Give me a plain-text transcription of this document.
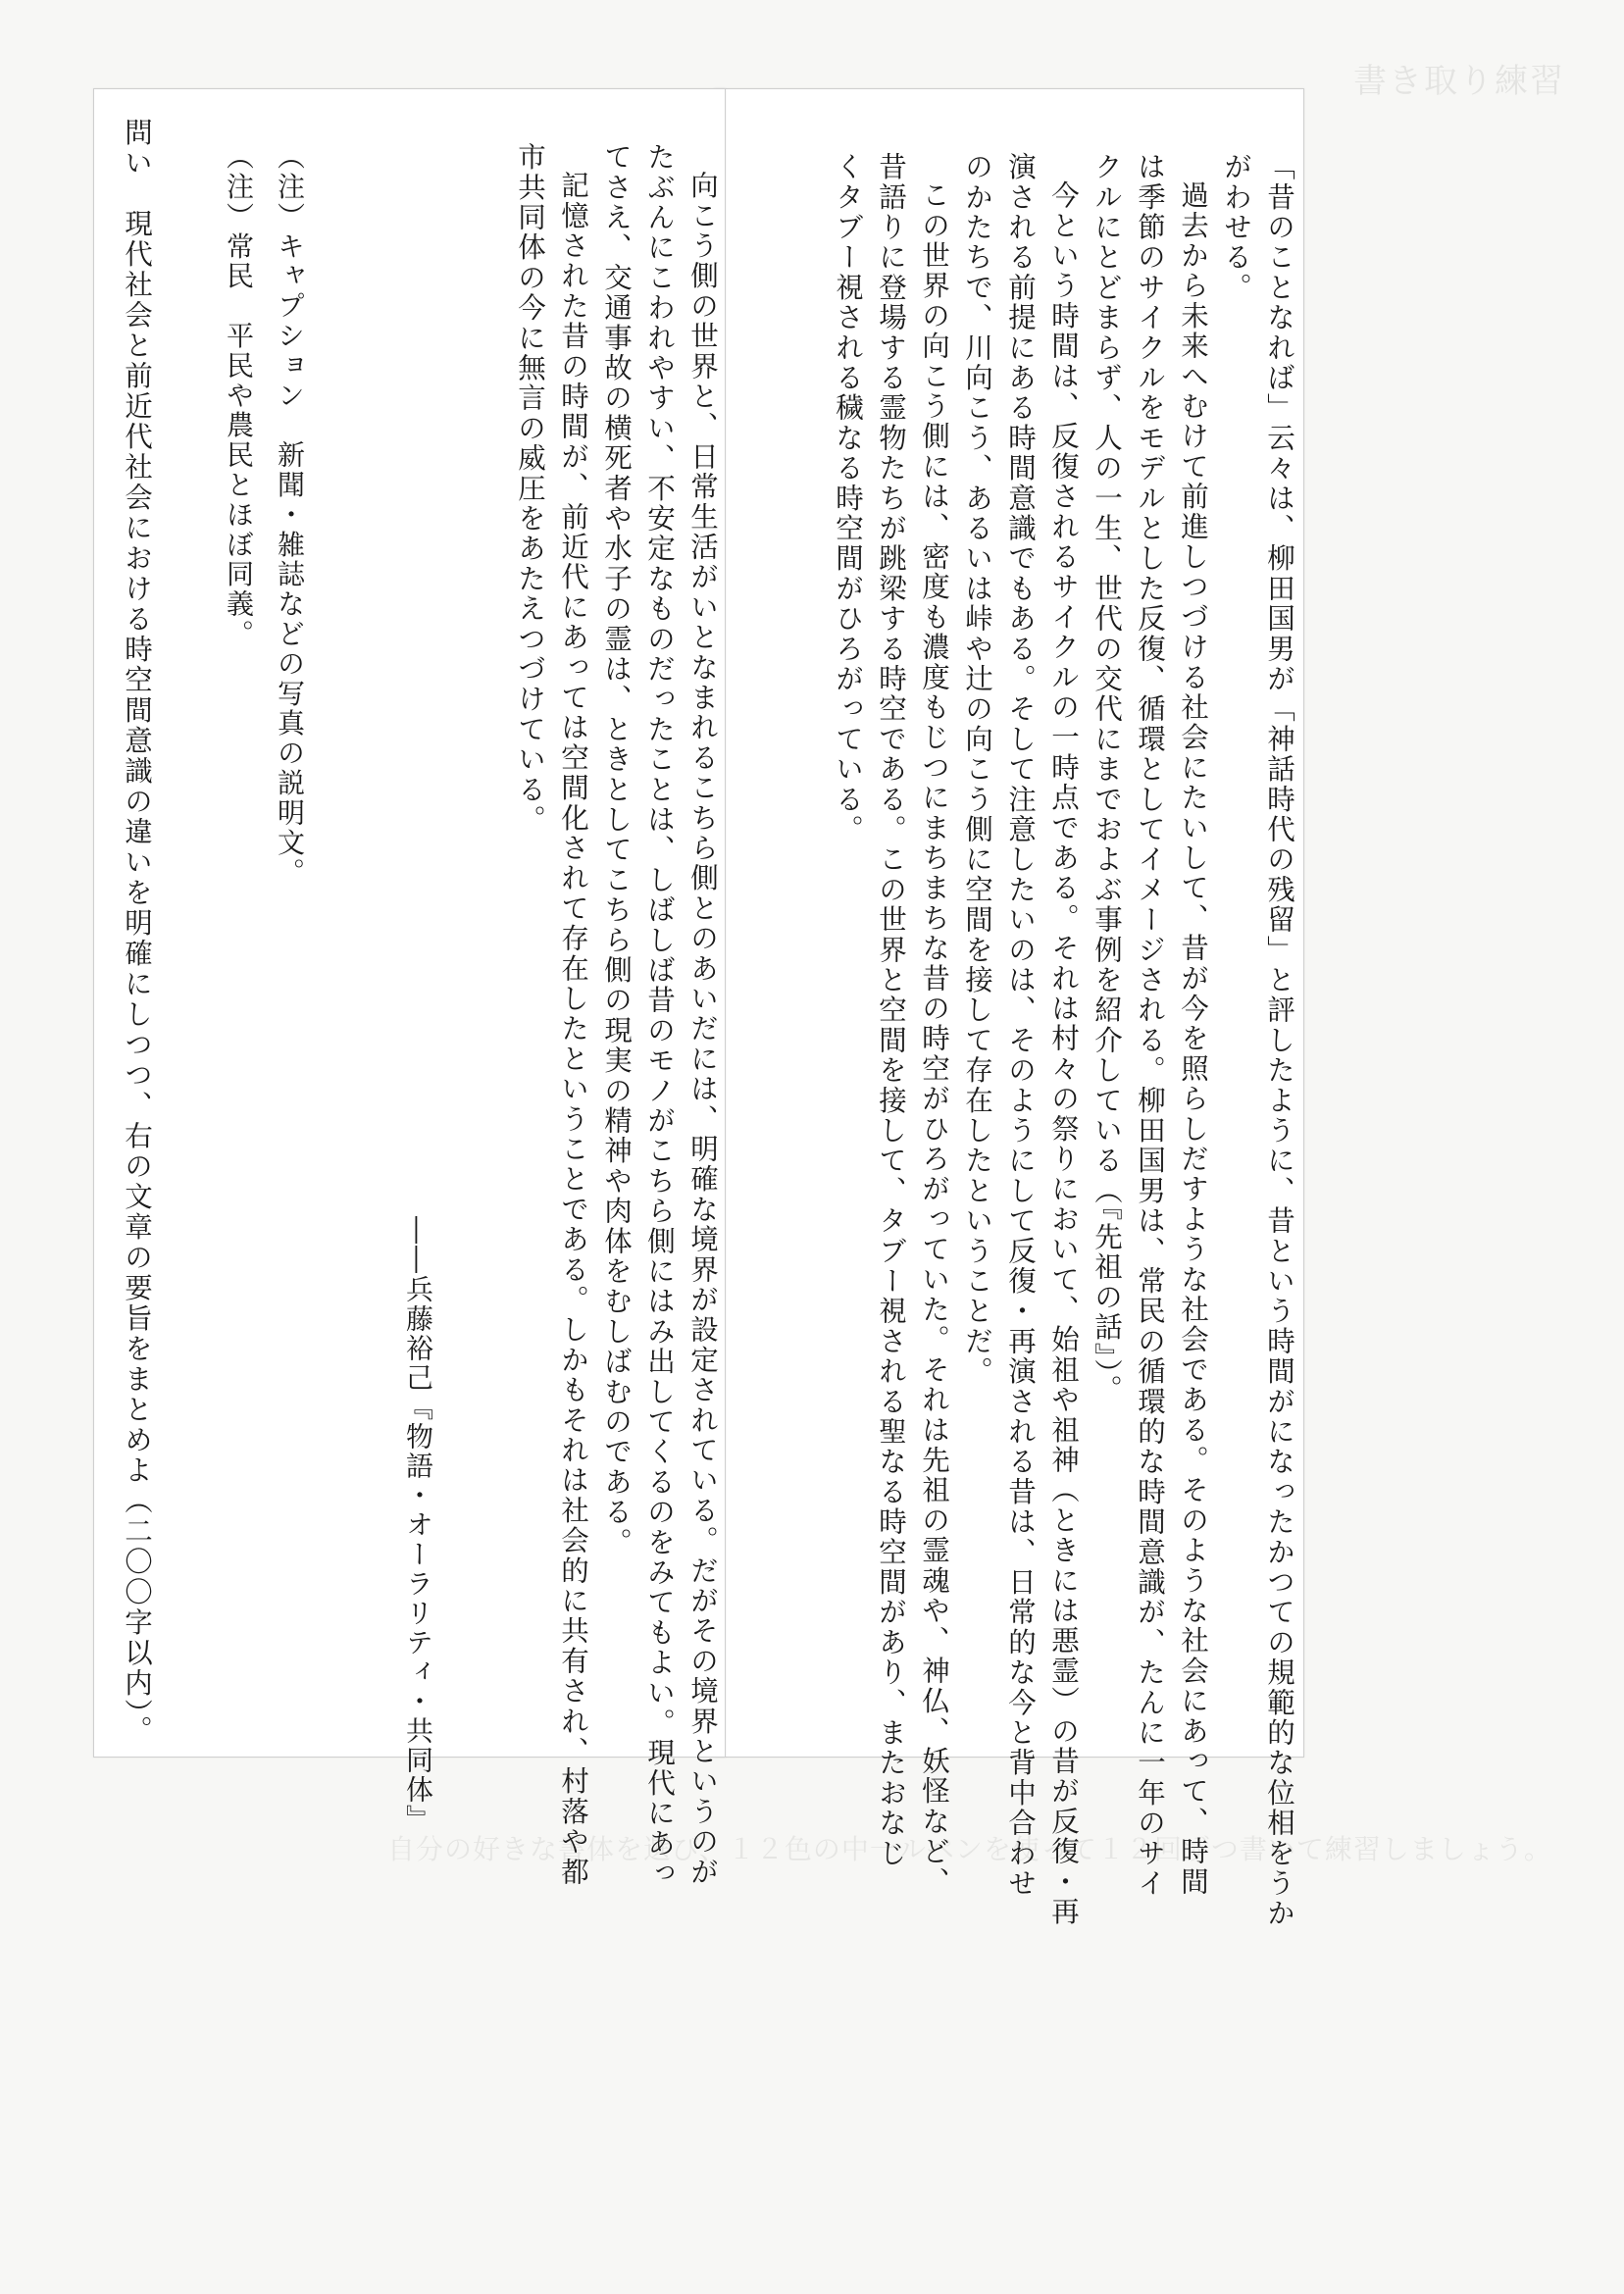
書き取り練習
自分の好きな書体を選び、１２色の中一ルペンを使って１２回ずつ書いて練習しましょう。
「昔のことなれば」云々は、柳田国男が「神話時代の残留」と評したように、昔という時間がになったかつての規範的な位相をうか
がわせる。
過去から未来へむけて前進しつづける社会にたいして、昔が今を照らしだすような社会である。そのような社会にあって、時間
は季節のサイクルをモデルとした反復、循環としてイメージされる。柳田国男は、常民の循環的な時間意識が、たんに一年のサイ
クルにとどまらず、人の一生、世代の交代にまでおよぶ事例を紹介している（『先祖の話』）。
今という時間は、反復されるサイクルの一時点である。それは村々の祭りにおいて、始祖や祖神（ときには悪霊）の昔が反復・再
演される前提にある時間意識でもある。そして注意したいのは、そのようにして反復・再演される昔は、日常的な今と背中合わせ
のかたちで、川向こう、あるいは峠や辻の向こう側に空間を接して存在したということだ。
この世界の向こう側には、密度も濃度もじつにまちまちな昔の時空がひろがっていた。それは先祖の霊魂や、神仏、妖怪など、
昔語りに登場する霊物たちが跳梁する時空である。この世界と空間を接して、タブー視される聖なる時空間があり、またおなじ
くタブー視される穢なる時空間がひろがっている。
向こう側の世界と、日常生活がいとなまれるこちら側とのあいだには、明確な境界が設定されている。だがその境界というのが
たぶんにこわれやすい、不安定なものだったことは、しばしば昔のモノがこちら側にはみ出してくるのをみてもよい。現代にあっ
てさえ、交通事故の横死者や水子の霊は、ときとしてこちら側の現実の精神や肉体をむしばむのである。
記憶された昔の時間が、前近代にあっては空間化されて存在したということである。しかもそれは社会的に共有され、村落や都
市共同体の今に無言の威圧をあたえつづけている。
――兵藤裕己『物語・オーラリティ・共同体』
（注）キャプション　新聞・雑誌などの写真の説明文。
（注）常民　平民や農民とほぼ同義。
問い　現代社会と前近代社会における時空間意識の違いを明確にしつつ、右の文章の要旨をまとめよ（二〇〇字以内）。
